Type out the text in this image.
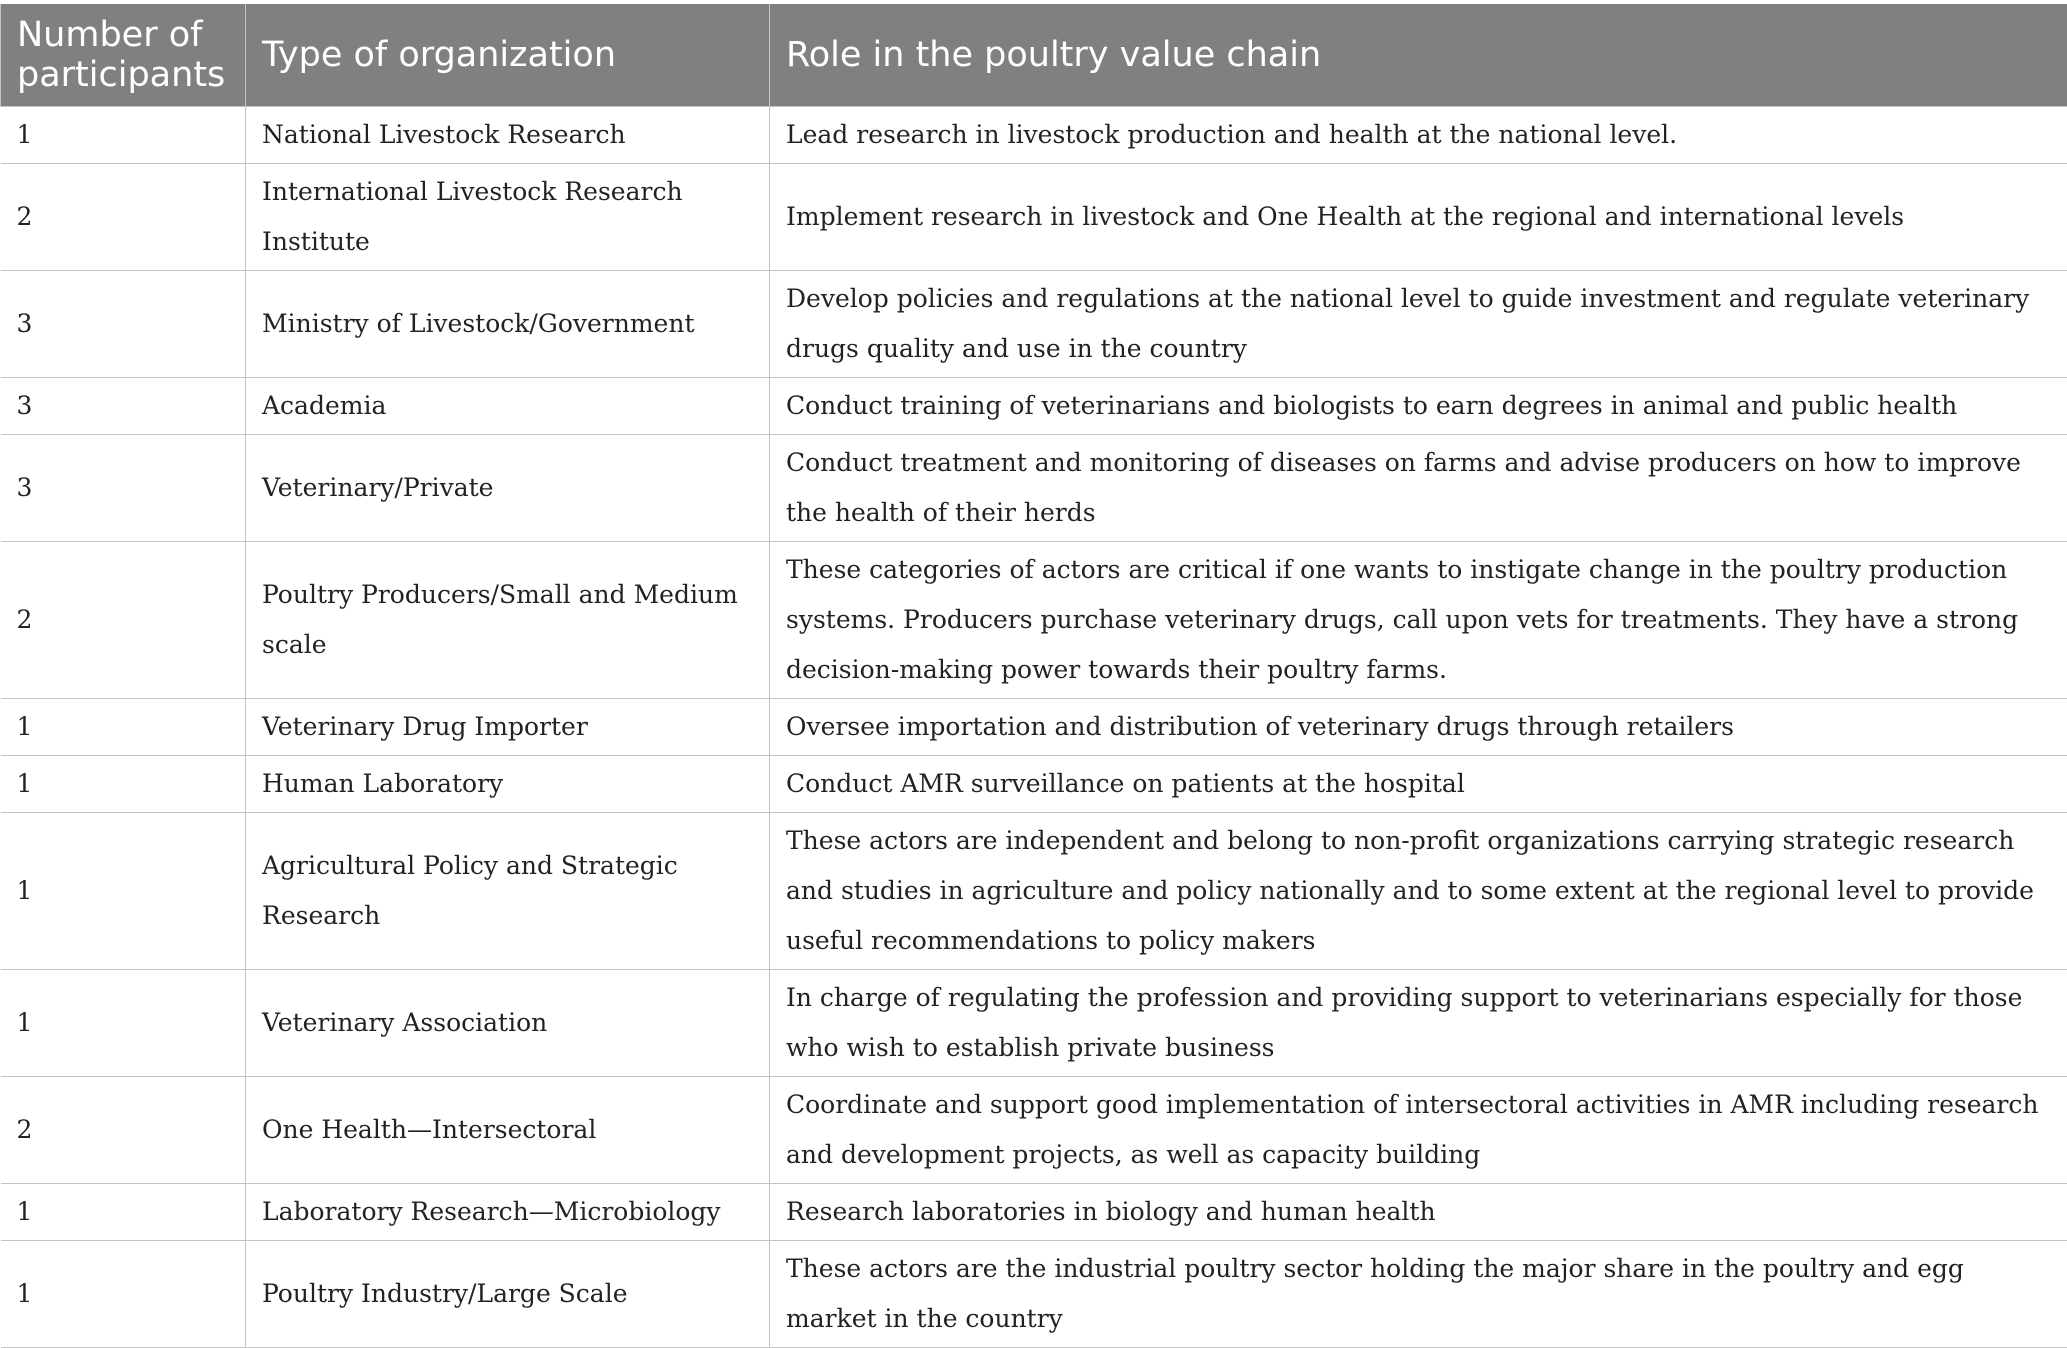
Number of participants	Type of organization	Role in the poultry value chain
1	National Livestock Research	Lead research in livestock production and health at the national level.
2	International Livestock Research Institute	Implement research in livestock and One Health at the regional and international levels
3	Ministry of Livestock/Government	Develop policies and regulations at the national level to guide investment and regulate veterinary drugs quality and use in the country
3	Academia	Conduct training of veterinarians and biologists to earn degrees in animal and public health
3	Veterinary/Private	Conduct treatment and monitoring of diseases on farms and advise producers on how to improve the health of their herds
2	Poultry Producers/Small and Medium scale	These categories of actors are critical if one wants to instigate change in the poultry production systems. Producers purchase veterinary drugs, call upon vets for treatments. They have a strong decision-making power towards their poultry farms.
1	Veterinary Drug Importer	Oversee importation and distribution of veterinary drugs through retailers
1	Human Laboratory	Conduct AMR surveillance on patients at the hospital
1	Agricultural Policy and Strategic Research	These actors are independent and belong to non-profit organizations carrying strategic research and studies in agriculture and policy nationally and to some extent at the regional level to provide useful recommendations to policy makers
1	Veterinary Association	In charge of regulating the profession and providing support to veterinarians especially for those who wish to establish private business
2	One Health—Intersectoral	Coordinate and support good implementation of intersectoral activities in AMR including research and development projects, as well as capacity building
1	Laboratory Research—Microbiology	Research laboratories in biology and human health
1	Poultry Industry/Large Scale	These actors are the industrial poultry sector holding the major share in the poultry and egg market in the country
